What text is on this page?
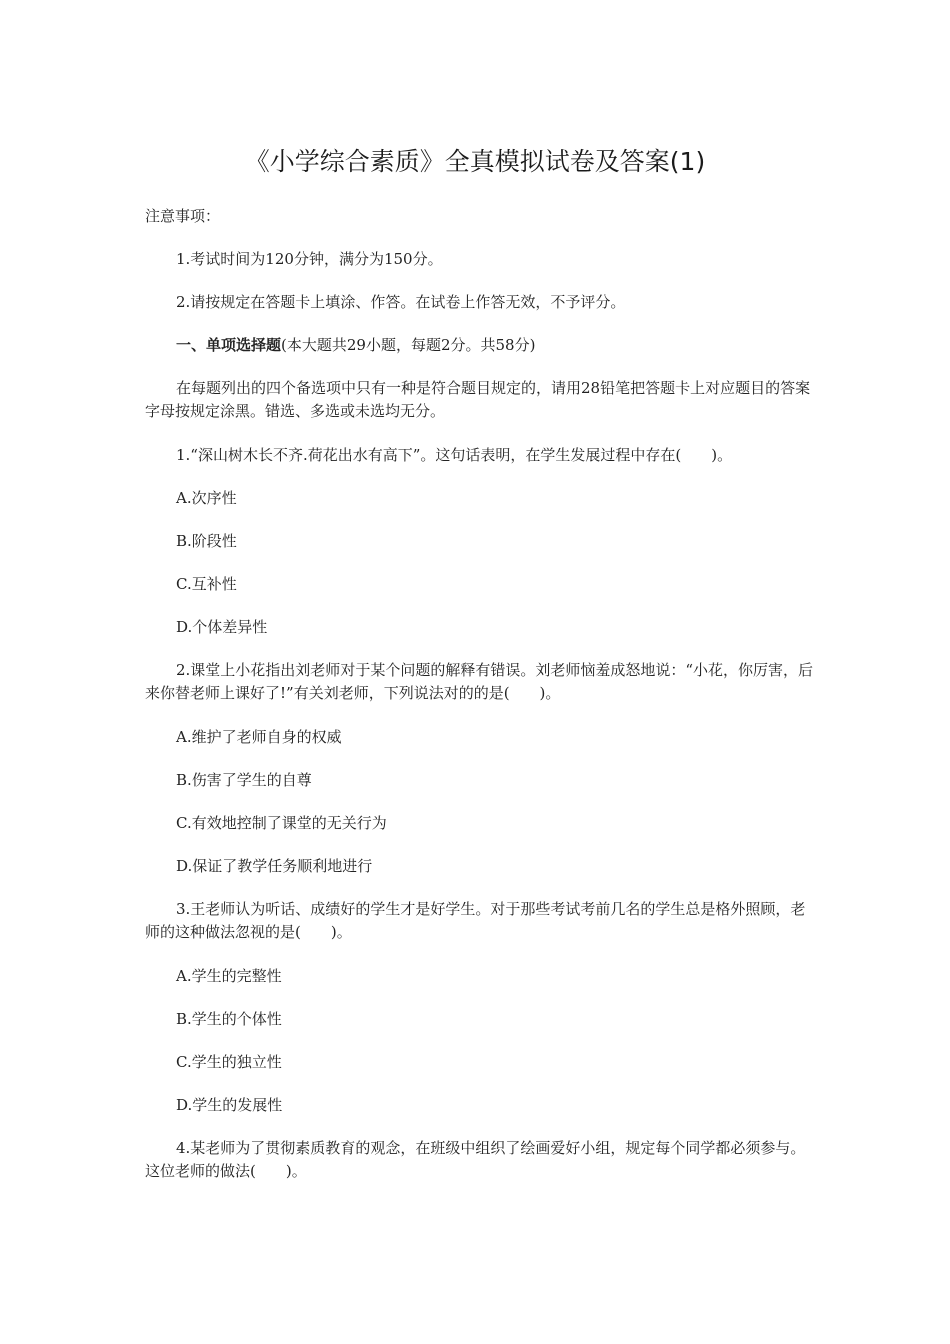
《小学综合素质》全真模拟试卷及答案(1)
注意事项：
1.考试时间为120分钟，满分为150分。
2.请按规定在答题卡上填涂、作答。在试卷上作答无效，不予评分。
一、单项选择题(本大题共29小题，每题2分。共58分)
在每题列出的四个备选项中只有一种是符合题目规定的，请用28铅笔把答题卡上对应题目的答案字母按规定涂黑。错选、多选或未选均无分。
1.“深山树木长不齐.荷花出水有高下”。这句话表明，在学生发展过程中存在(　　)。
A.次序性
B.阶段性
C.互补性
D.个体差异性
2.课堂上小花指出刘老师对于某个问题的解释有错误。刘老师恼羞成怒地说：“小花，你厉害，后来你替老师上课好了!”有关刘老师，下列说法对的的是(　　)。
A.维护了老师自身的权威
B.伤害了学生的自尊
C.有效地控制了课堂的无关行为
D.保证了教学任务顺利地进行
3.王老师认为听话、成绩好的学生才是好学生。对于那些考试考前几名的学生总是格外照顾，老师的这种做法忽视的是(　　)。
A.学生的完整性
B.学生的个体性
C.学生的独立性
D.学生的发展性
4.某老师为了贯彻素质教育的观念，在班级中组织了绘画爱好小组，规定每个同学都必须参与。这位老师的做法(　　)。
